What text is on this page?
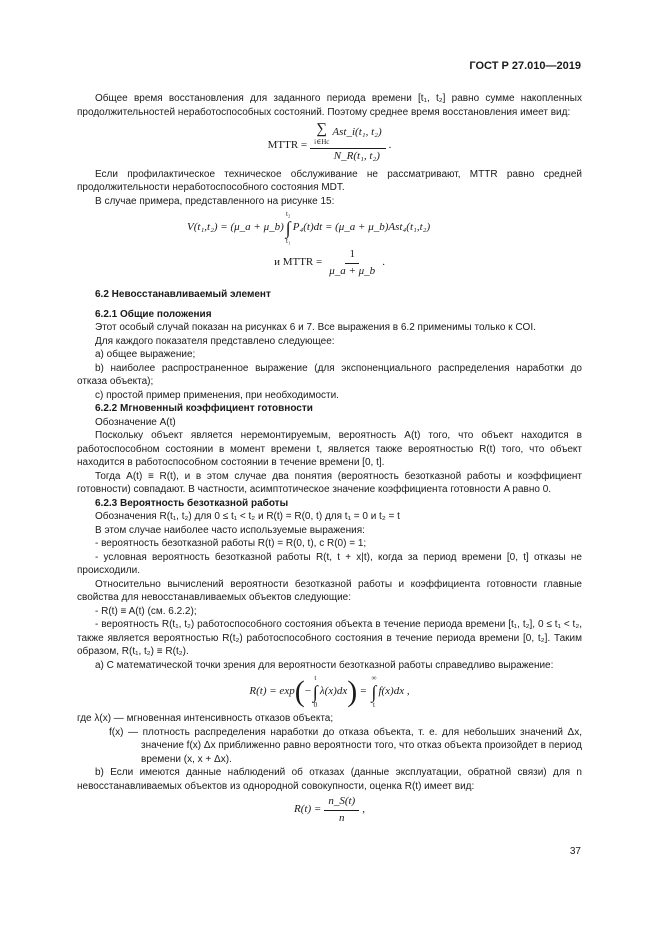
ГОСТ Р 27.010—2019

Общее время восстановления для заданного периода времени [t₁, t₂] равно сумме накопленных продолжительностей неработоспособных состояний. Поэтому среднее время восстановления имеет вид:

MTTR = ∑
i∈Hc
Ast_i(t₁, t₂)
N_R(t₁, t₂) .

Если профилактическое техническое обслуживание не рассматривают, MTTR равно средней продолжительности неработоспособного состояния MDT.

В случае примера, представленного на рисунке 15:

V(t₁,t₂) = (μ_a + μ_b)
t₂
∫
t₁
P₄(t)dt = (μ_a + μ_b)Ast₄(t₁,t₂)
и MTTR = $\frac{1}{\mu\_a + \mu\_b}$ .

6.2 Невосстанавливаемый элемент

6.2.1 Общие положения

Этот особый случай показан на рисунках 6 и 7. Все выражения в 6.2 применимы только к COI.

Для каждого показателя представлено следующее:

а) общее выражение;

b) наиболее распространенное выражение (для экспоненциального распределения наработки до отказа объекта);

с) простой пример применения, при необходимости.

6.2.2 Мгновенный коэффициент готовности

Обозначение A(t)

Поскольку объект является неремонтируемым, вероятность A(t) того, что объект находится в работоспособном состоянии в момент времени t, является также вероятностью R(t) того, что объект находится в работоспособном состоянии в течение времени [0, t].

Тогда A(t) ≡ R(t), и в этом случае два понятия (вероятность безотказной работы и коэффициент готовности) совпадают. В частности, асимптотическое значение коэффициента готовности A равно 0.

6.2.3 Вероятность безотказной работы

Обозначения R(t₁, t₂) для 0 ≤ t₁ < t₂ и R(t) = R(0, t) для t₁ = 0 и t₂ = t

В этом случае наиболее часто используемые выражения:

- вероятность безотказной работы R(t) = R(0, t), с R(0) = 1;

- условная вероятность безотказной работы R(t, t + x|t), когда за период времени [0, t] отказы не происходили.

Относительно вычислений вероятности безотказной работы и коэффициента готовности главные свойства для невосстанавливаемых объектов следующие:

- R(t) ≡ A(t) (см. 6.2.2);

- вероятность R(t₁, t₂) работоспособного состояния объекта в течение периода времени [t₁, t₂], 0 ≤ t₁ < t₂, также является вероятностью R(t₂) работоспособного состояния в течение периода времени [0, t₂]. Таким образом, R(t₁, t₂) ≡ R(t₂).

а) С математической точки зрения для вероятности безотказной работы справедливо выражение:

R(t) = exp ( −
t
∫
0
λ(x)dx ) =
∞
∫
t
f(x)dx ,

где λ(x) — мгновенная интенсивность отказов объекта;

f(x) — плотность распределения наработки до отказа объекта, т. е. для небольших значений Δx, значение f(x) Δx приближенно равно вероятности того, что отказ объекта произойдет в период времени (x, x + Δx).

b) Если имеются данные наблюдений об отказах (данные эксплуатации, обратной связи) для n невосстанавливаемых объектов из однородной совокупности, оценка R(t) имеет вид:

$R(t) = \frac{n\_S(t)}{n}$ ,
37
